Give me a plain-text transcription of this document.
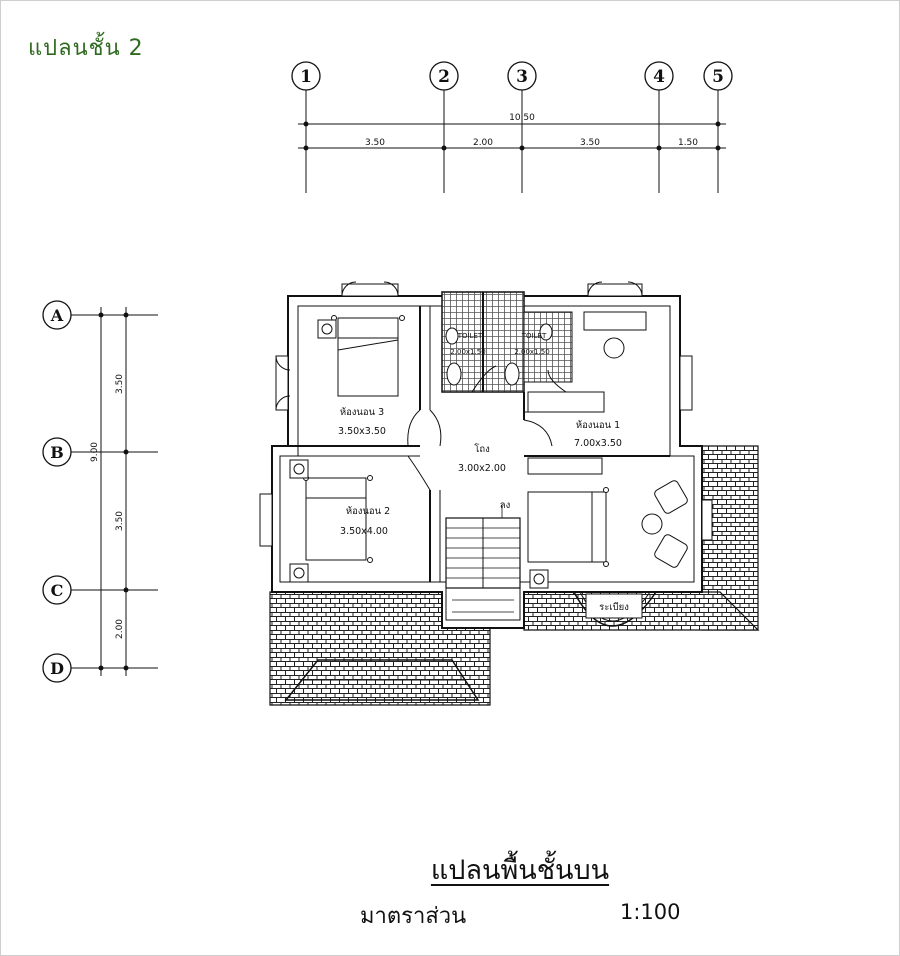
แปลนชั้น 2
1	2	3	4	5
10.50
3.50	2.00	3.50	1.50
A
B
C
D
9.00
3.50
3.50
2.00
ห้องนอน 3
3.50x3.50
ห้องนอน 2
3.50x4.00
โถง
3.00x2.00
ห้องนอน 1
7.00x3.50
ลง
ระเบียง
TOILET
2.00x1.50
TOILET
2.00x1.50
แปลนพื้นชั้นบน
มาตราส่วน	1:100
